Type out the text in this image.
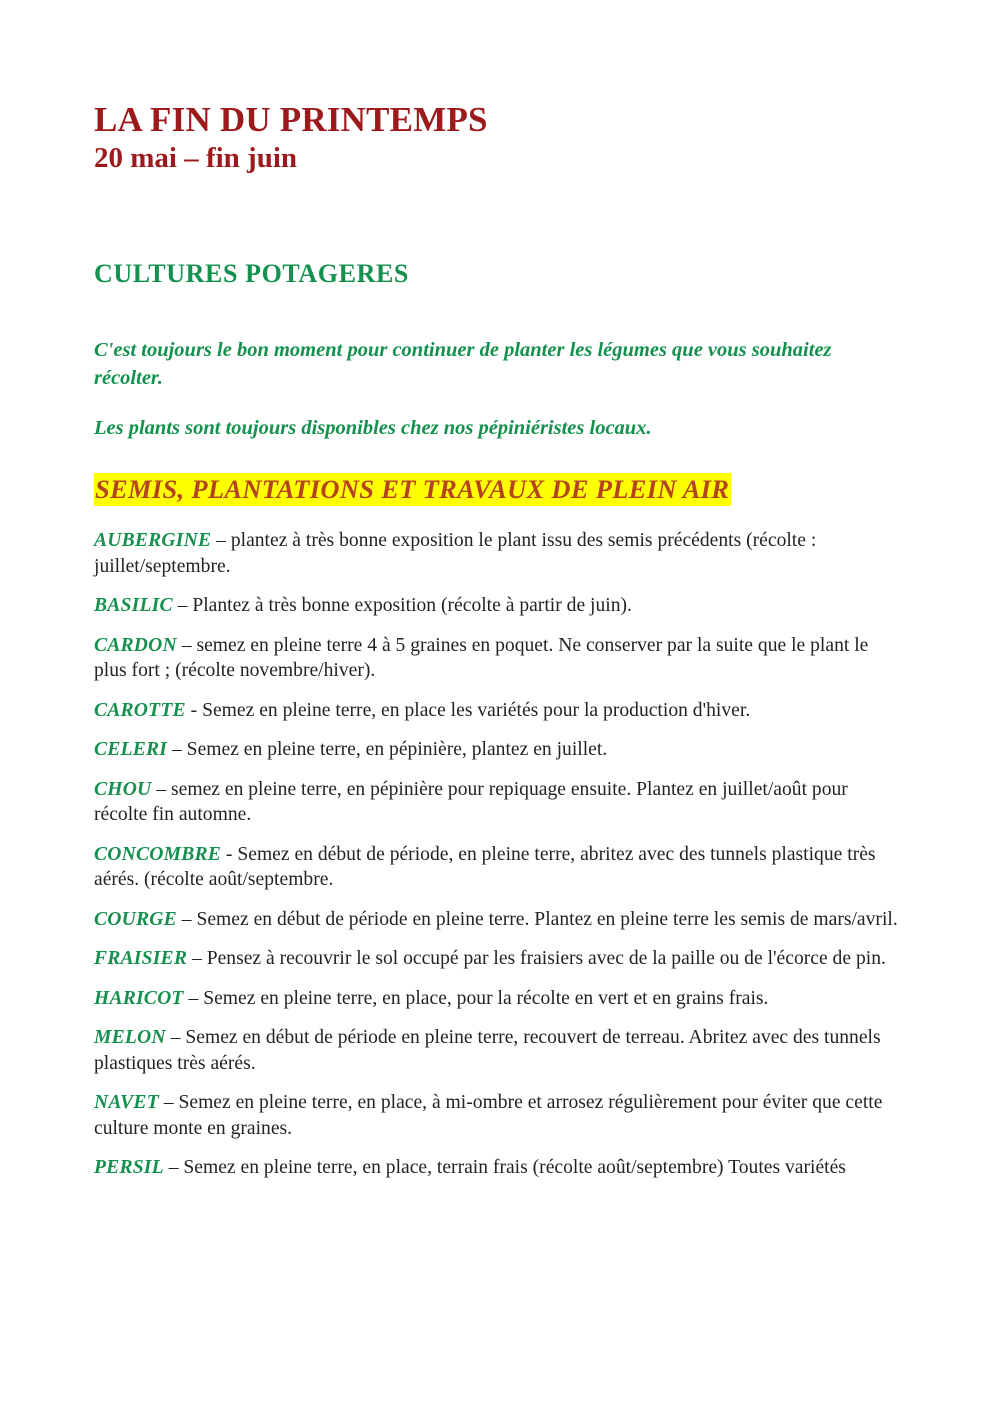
LA FIN DU PRINTEMPS
20 mai – fin juin
CULTURES POTAGERES

C'est toujours le bon moment pour continuer de planter les légumes que vous souhaitez récolter.

Les plants sont toujours disponibles chez nos pépiniéristes locaux.

SEMIS, PLANTATIONS ET TRAVAUX DE PLEIN AIR

AUBERGINE – plantez à très bonne exposition le plant issu des semis précédents (récolte : juillet/septembre.

BASILIC – Plantez à très bonne exposition (récolte à partir de juin).

CARDON – semez en pleine terre 4 à 5 graines en poquet. Ne conserver par la suite que le plant le plus fort ; (récolte novembre/hiver).

CAROTTE - Semez en pleine terre, en place les variétés pour la production d'hiver.

CELERI – Semez en pleine terre, en pépinière, plantez en juillet.

CHOU – semez en pleine terre, en pépinière pour repiquage ensuite. Plantez en juillet/août pour récolte fin automne.

CONCOMBRE - Semez en début de période, en pleine terre, abritez avec des tunnels plastique très aérés. (récolte août/septembre.

COURGE – Semez en début de période en pleine terre. Plantez en pleine terre les semis de mars/avril.

FRAISIER – Pensez à recouvrir le sol occupé par les fraisiers avec de la paille ou de l'écorce de pin.

HARICOT – Semez en pleine terre, en place, pour la récolte en vert et en grains frais.

MELON – Semez en début de période en pleine terre, recouvert de terreau. Abritez avec des tunnels plastiques très aérés.

NAVET – Semez en pleine terre, en place, à mi-ombre et arrosez régulièrement pour éviter que cette culture monte en graines.

PERSIL – Semez en pleine terre, en place, terrain frais (récolte août/septembre) Toutes variétés
